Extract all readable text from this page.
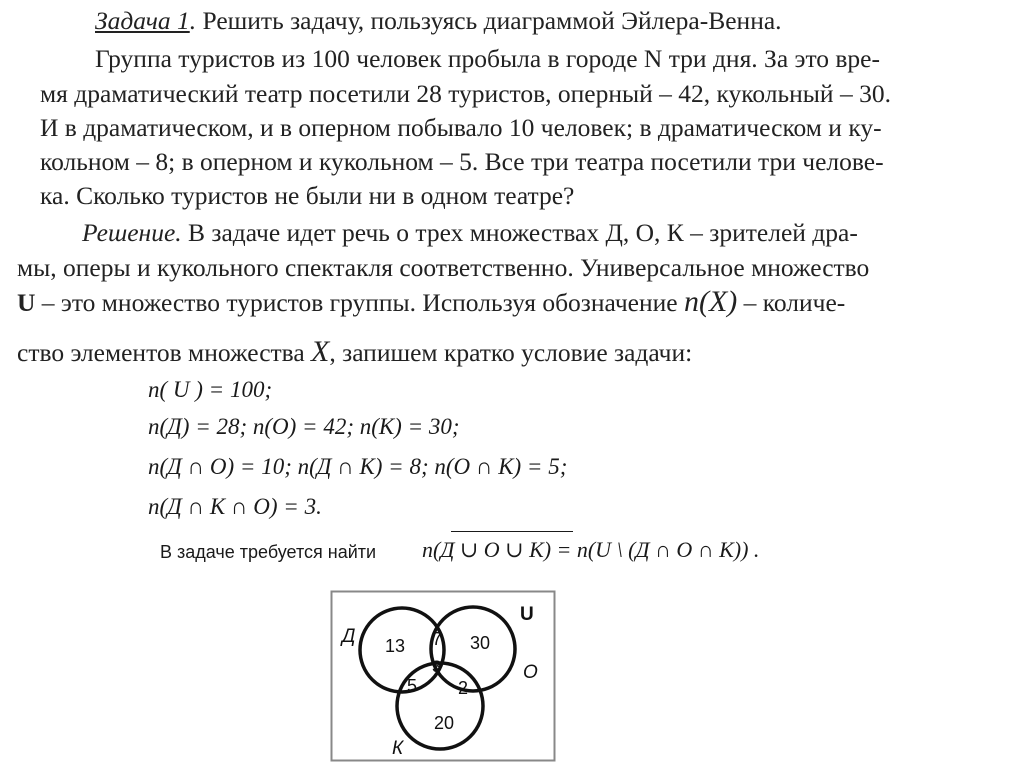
Задача 1. Решить задачу, пользуясь диаграммой Эйлера-Венна.
Группа туристов из 100 человек пробыла в городе N три дня. За это вре-
мя драматический театр посетили 28 туристов, оперный – 42, кукольный – 30.
И в драматическом, и в оперном побывало 10 человек; в драматическом и ку-
кольном – 8; в оперном и кукольном – 5. Все три театра посетили три челове-
ка. Сколько туристов не были ни в одном театре?
Решение. В задаче идет речь о трех множествах Д, О, К – зрителей дра-
мы, оперы и кукольного спектакля соответственно. Универсальное множество
U – это множество туристов группы. Используя обозначение n(X) – количе-
ство элементов множества X, запишем кратко условие задачи:
n( U ) = 100;
n(Д) = 28; n(О) = 42; n(К) = 30;
n(Д ∩ О) = 10; n(Д ∩ К) = 8; n(О ∩ К) = 5;
n(Д ∩ К ∩ О) = 3.
В задаче требуется найти n(Д ∪ О ∪ К) = n(U \ (Д ∩ О ∩ К)) .
U
Д
О
К
13 7 30
3
5 2
20
